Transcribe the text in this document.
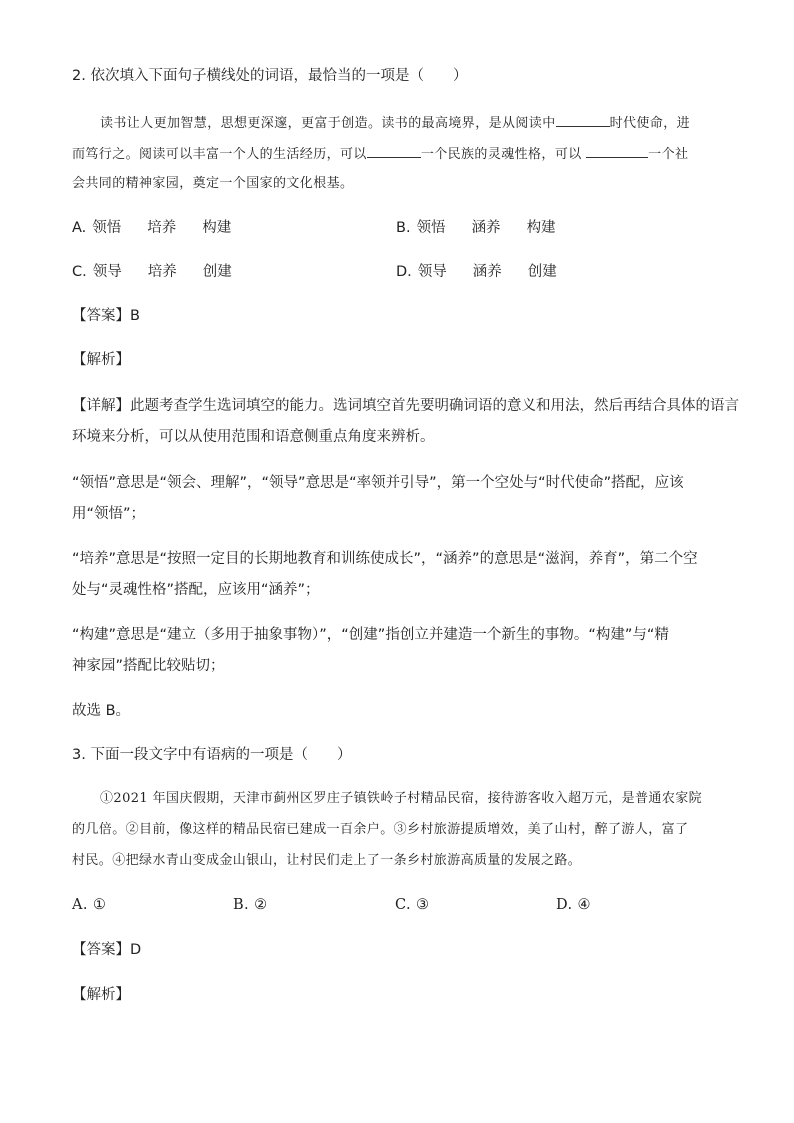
2. 依次填入下面句子横线处的词语，最恰当的一项是（　　）
读书让人更加智慧，思想更深邃，更富于创造。读书的最高境界，是从阅读中	时代使命，进
而笃行之。阅读可以丰富一个人的生活经历，可以	一个民族的灵魂性格，可以	一个社
会共同的精神家园，奠定一个国家的文化根基。
A. 领悟 培养 构建	B. 领悟 涵养 构建
C. 领导 培养 创建	D. 领导 涵养 创建
【答案】B
【解析】
【详解】此题考查学生选词填空的能力。选词填空首先要明确词语的意义和用法，然后再结合具体的语言
环境来分析，可以从使用范围和语意侧重点角度来辨析。
“领悟”意思是“领会、理解”，“领导”意思是“率领并引导”，第一个空处与“时代使命”搭配，应该
用“领悟”；
“培养”意思是“按照一定目的长期地教育和训练使成长”，“涵养”的意思是“滋润，养育”，第二个空
处与“灵魂性格”搭配，应该用“涵养”；
“构建”意思是“建立（多用于抽象事物）”，“创建”指创立并建造一个新生的事物。“构建”与“精
神家园”搭配比较贴切；
故选 B。
3. 下面一段文字中有语病的一项是（　　）
①2021 年国庆假期，天津市蓟州区罗庄子镇铁岭子村精品民宿，接待游客收入超万元，是普通农家院
的几倍。②目前，像这样的精品民宿已建成一百余户。③乡村旅游提质增效，美了山村，醉了游人，富了
村民。④把绿水青山变成金山银山，让村民们走上了一条乡村旅游高质量的发展之路。
A. ①	B. ②	C. ③	D. ④
【答案】D
【解析】
